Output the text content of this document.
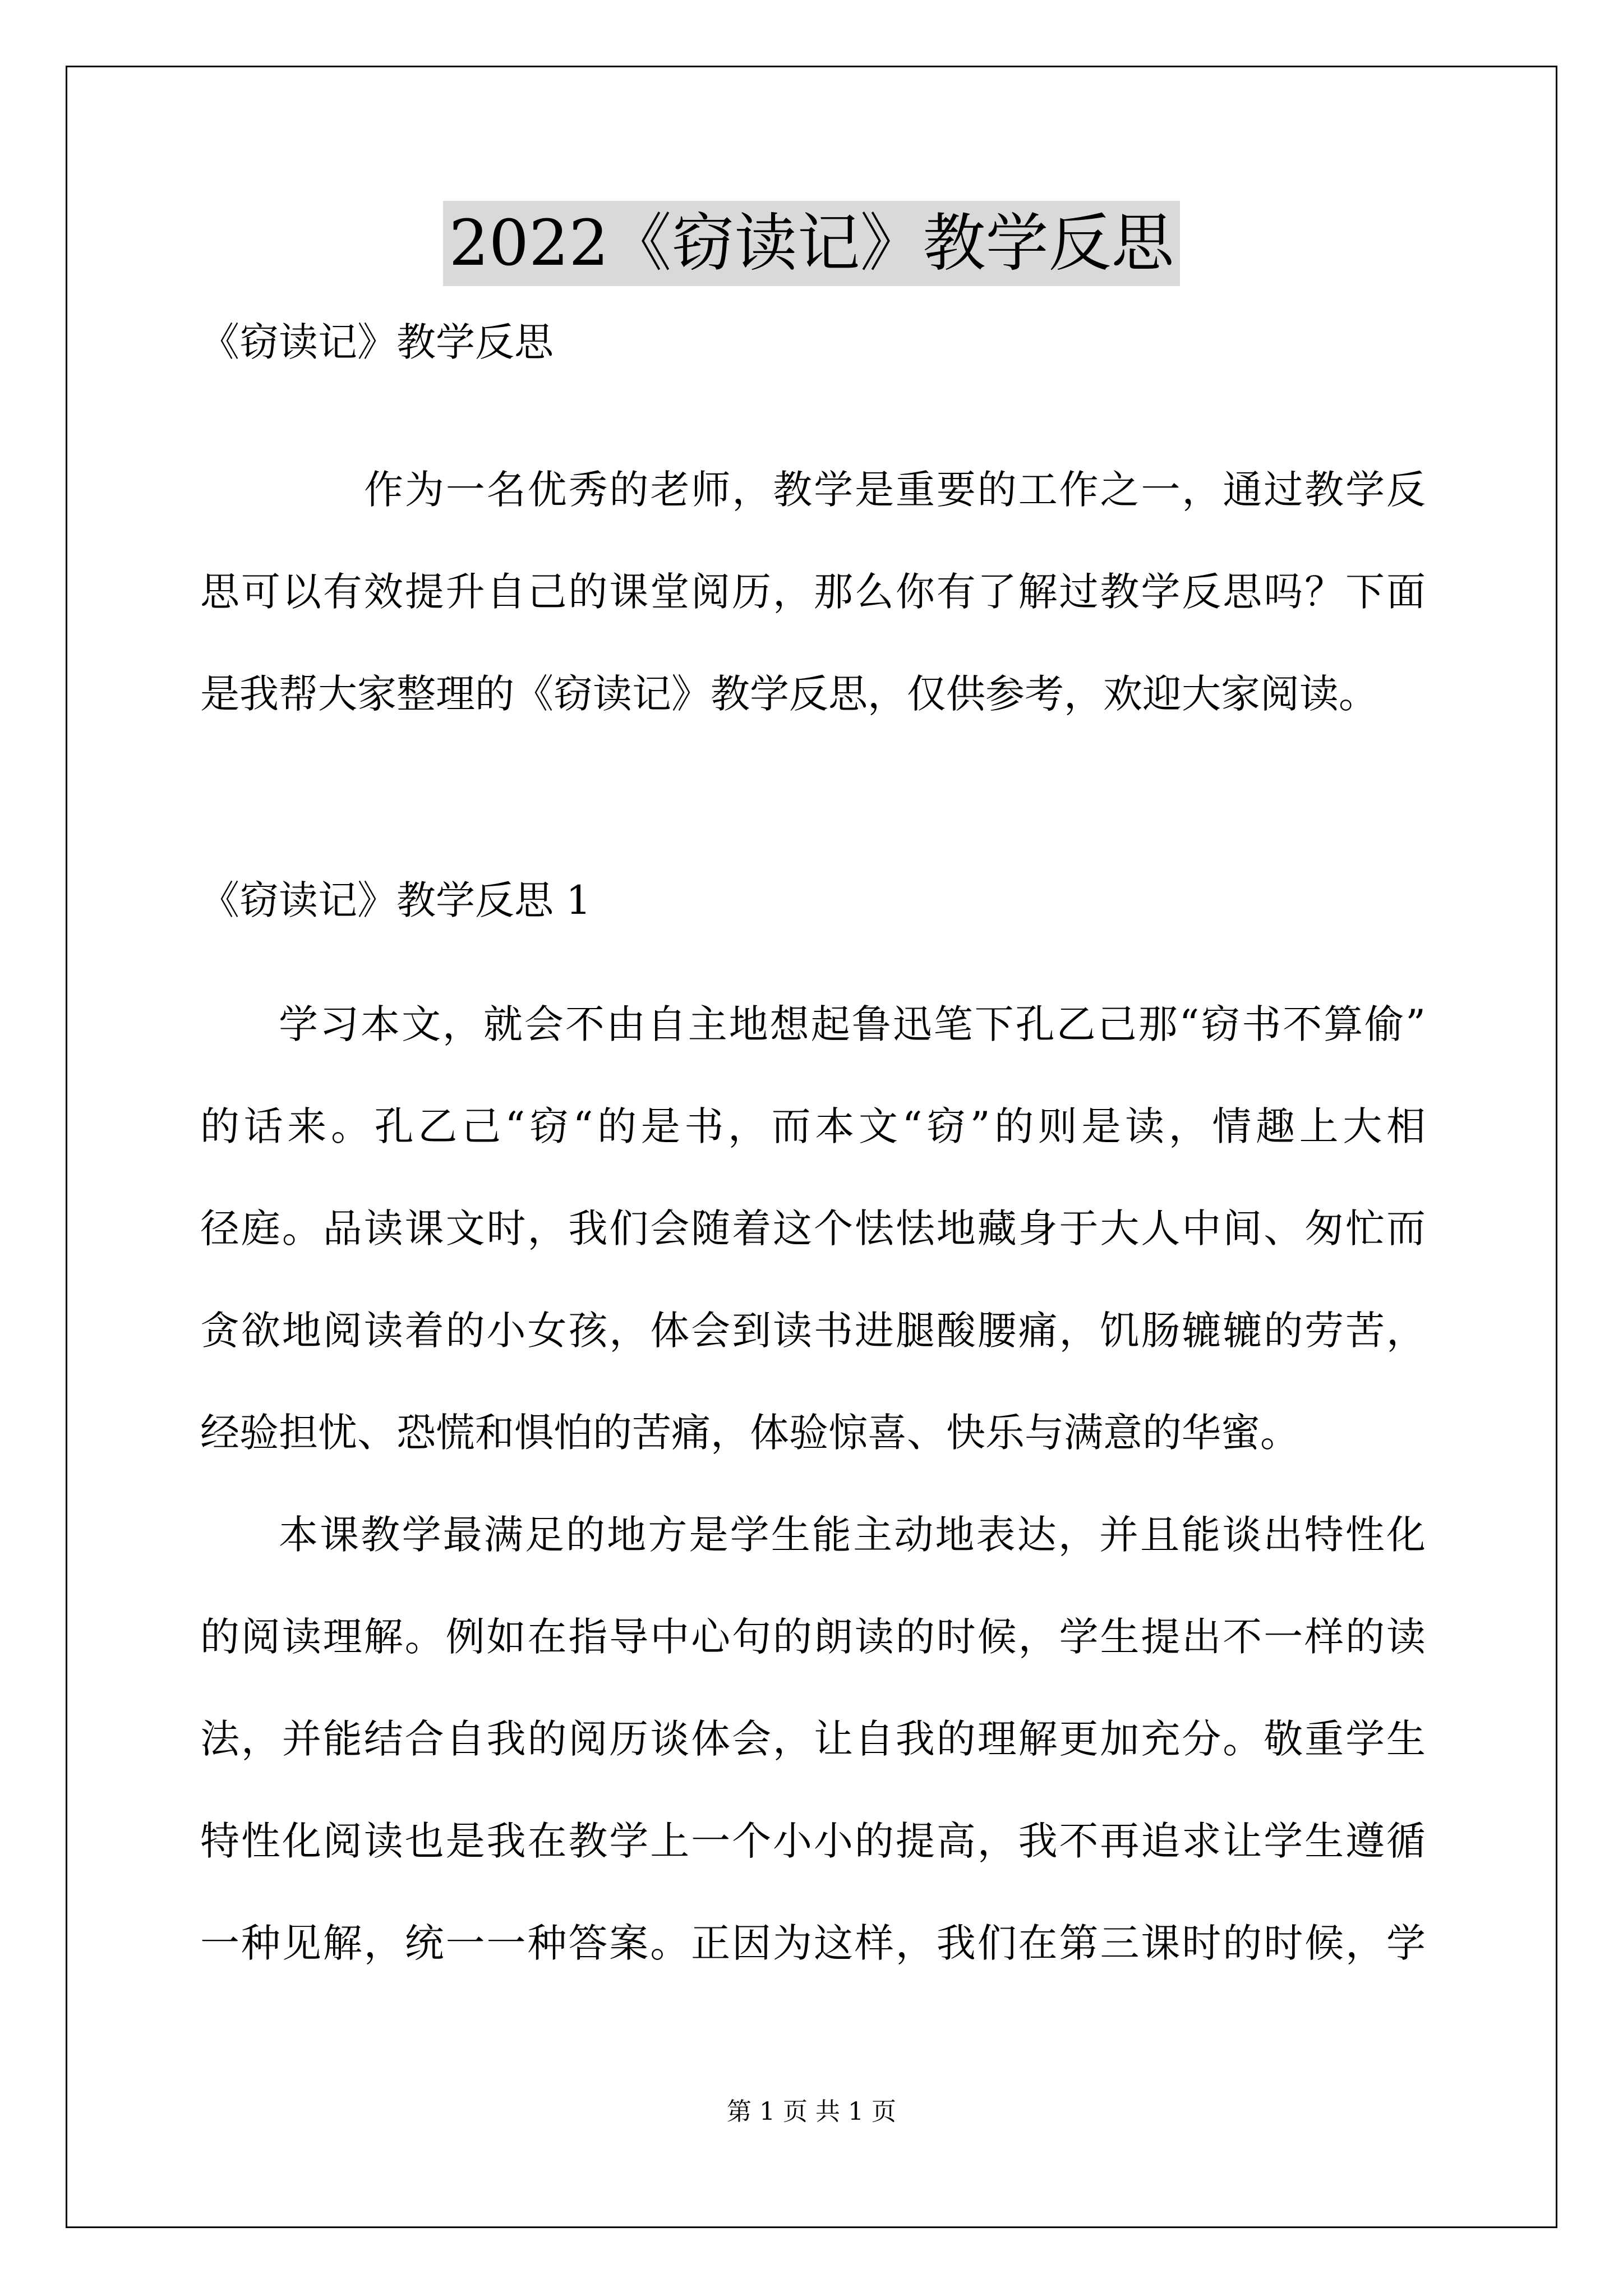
2022《窃读记》教学反思
《窃读记》教学反思
作为一名优秀的老师，教学是重要的工作之一，通过教学反
思可以有效提升自己的课堂阅历，那么你有了解过教学反思吗？下面
是我帮大家整理的《窃读记》教学反思，仅供参考，欢迎大家阅读。
《窃读记》教学反思 1
学习本文，就会不由自主地想起鲁迅笔下孔乙己那“窃书不算偷”
的话来。孔乙己“窃“的是书，而本文“窃”的则是读，情趣上大相
径庭。品读课文时，我们会随着这个怯怯地藏身于大人中间、匆忙而
贪欲地阅读着的小女孩，体会到读书进腿酸腰痛，饥肠辘辘的劳苦，
经验担忧、恐慌和惧怕的苦痛，体验惊喜、快乐与满意的华蜜。
本课教学最满足的地方是学生能主动地表达，并且能谈出特性化
的阅读理解。例如在指导中心句的朗读的时候，学生提出不一样的读
法，并能结合自我的阅历谈体会，让自我的理解更加充分。敬重学生
特性化阅读也是我在教学上一个小小的提高，我不再追求让学生遵循
一种见解，统一一种答案。正因为这样，我们在第三课时的时候，学
第 1 页 共 1 页
